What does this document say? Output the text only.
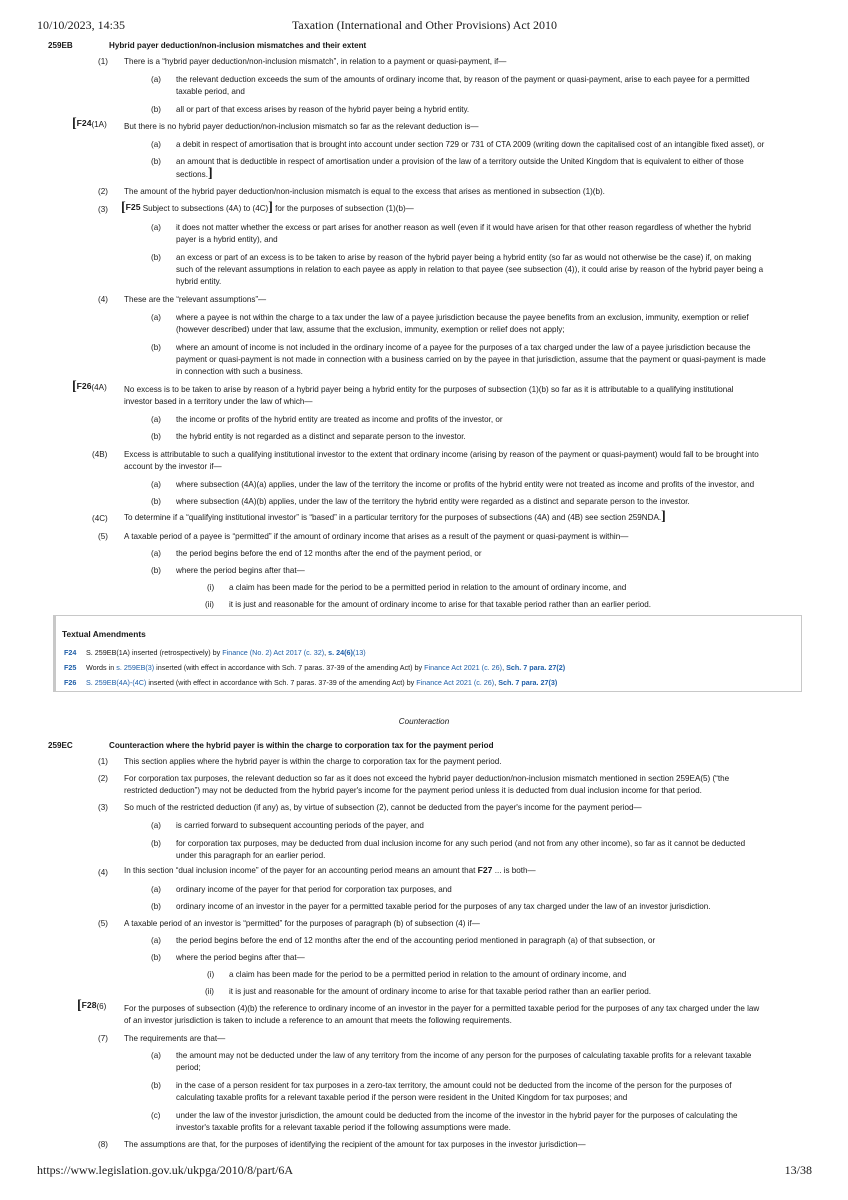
10/10/2023, 14:35	Taxation (International and Other Provisions) Act 2010
259EB	Hybrid payer deduction/non-inclusion mismatches and their extent
(1) There is a “hybrid payer deduction/non-inclusion mismatch”, in relation to a payment or quasi-payment, if—
(a) the relevant deduction exceeds the sum of the amounts of ordinary income that, by reason of the payment or quasi-payment, arise to each payee for a permitted
taxable period, and
(b) all or part of that excess arises by reason of the hybrid payer being a hybrid entity.
[F24(1A) But there is no hybrid payer deduction/non-inclusion mismatch so far as the relevant deduction is—
(a) a debit in respect of amortisation that is brought into account under section 729 or 731 of CTA 2009 (writing down the capitalised cost of an intangible fixed asset), or
(b) an amount that is deductible in respect of amortisation under a provision of the law of a territory outside the United Kingdom that is equivalent to either of those
sections.]
(2) The amount of the hybrid payer deduction/non-inclusion mismatch is equal to the excess that arises as mentioned in subsection (1)(b).
(3) [F25 Subject to subsections (4A) to (4C)] for the purposes of subsection (1)(b)—
(a) it does not matter whether the excess or part arises for another reason as well (even if it would have arisen for that other reason regardless of whether the hybrid
payer is a hybrid entity), and
(b) an excess or part of an excess is to be taken to arise by reason of the hybrid payer being a hybrid entity (so far as would not otherwise be the case) if, on making
such of the relevant assumptions in relation to each payee as apply in relation to that payee (see subsection (4)), it could arise by reason of the hybrid payer being a
hybrid entity.
(4) These are the “relevant assumptions”—
(a) where a payee is not within the charge to a tax under the law of a payee jurisdiction because the payee benefits from an exclusion, immunity, exemption or relief
(however described) under that law, assume that the exclusion, immunity, exemption or relief does not apply;
(b) where an amount of income is not included in the ordinary income of a payee for the purposes of a tax charged under the law of a payee jurisdiction because the
payment or quasi-payment is not made in connection with a business carried on by the payee in that jurisdiction, assume that the payment or quasi-payment is made
in connection with such a business.
[F26(4A) No excess is to be taken to arise by reason of a hybrid payer being a hybrid entity for the purposes of subsection (1)(b) so far as it is attributable to a qualifying institutional
investor based in a territory under the law of which—
(a) the income or profits of the hybrid entity are treated as income and profits of the investor, or
(b) the hybrid entity is not regarded as a distinct and separate person to the investor.
(4B) Excess is attributable to such a qualifying institutional investor to the extent that ordinary income (arising by reason of the payment or quasi-payment) would fall to be brought into
account by the investor if—
(a) where subsection (4A)(a) applies, under the law of the territory the income or profits of the hybrid entity were not treated as income and profits of the investor, and
(b) where subsection (4A)(b) applies, under the law of the territory the hybrid entity were regarded as a distinct and separate person to the investor.
(4C) To determine if a “qualifying institutional investor” is “based” in a particular territory for the purposes of subsections (4A) and (4B) see section 259NDA.]
(5) A taxable period of a payee is “permitted” if the amount of ordinary income that arises as a result of the payment or quasi-payment is within—
(a) the period begins before the end of 12 months after the end of the payment period, or
(b) where the period begins after that—
(i) a claim has been made for the period to be a permitted period in relation to the amount of ordinary income, and
(ii) it is just and reasonable for the amount of ordinary income to arise for that taxable period rather than an earlier period.
Textual Amendments
F24 S. 259EB(1A) inserted (retrospectively) by Finance (No. 2) Act 2017 (c. 32), s. 24(6)(13)
F25 Words in s. 259EB(3) inserted (with effect in accordance with Sch. 7 paras. 37-39 of the amending Act) by Finance Act 2021 (c. 26), Sch. 7 para. 27(2)
F26 S. 259EB(4A)-(4C) inserted (with effect in accordance with Sch. 7 paras. 37-39 of the amending Act) by Finance Act 2021 (c. 26), Sch. 7 para. 27(3)
Counteraction
259EC	Counteraction where the hybrid payer is within the charge to corporation tax for the payment period
(1) This section applies where the hybrid payer is within the charge to corporation tax for the payment period.
(2) For corporation tax purposes, the relevant deduction so far as it does not exceed the hybrid payer deduction/non-inclusion mismatch mentioned in section 259EA(5) (“the
restricted deduction”) may not be deducted from the hybrid payer's income for the payment period unless it is deducted from dual inclusion income for that period.
(3) So much of the restricted deduction (if any) as, by virtue of subsection (2), cannot be deducted from the payer's income for the payment period—
(a) is carried forward to subsequent accounting periods of the payer, and
(b) for corporation tax purposes, may be deducted from dual inclusion income for any such period (and not from any other income), so far as it cannot be deducted
under this paragraph for an earlier period.
(4) In this section “dual inclusion income” of the payer for an accounting period means an amount that F27 ... is both—
(a) ordinary income of the payer for that period for corporation tax purposes, and
(b) ordinary income of an investor in the payer for a permitted taxable period for the purposes of any tax charged under the law of an investor jurisdiction.
(5) A taxable period of an investor is “permitted” for the purposes of paragraph (b) of subsection (4) if—
(a) the period begins before the end of 12 months after the end of the accounting period mentioned in paragraph (a) of that subsection, or
(b) where the period begins after that—
(i) a claim has been made for the period to be a permitted period in relation to the amount of ordinary income, and
(ii) it is just and reasonable for the amount of ordinary income to arise for that taxable period rather than an earlier period.
[F28(6) For the purposes of subsection (4)(b) the reference to ordinary income of an investor in the payer for a permitted taxable period for the purposes of any tax charged under the law
of an investor jurisdiction is taken to include a reference to an amount that meets the following requirements.
(7) The requirements are that—
(a) the amount may not be deducted under the law of any territory from the income of any person for the purposes of calculating taxable profits for a relevant taxable
period;
(b) in the case of a person resident for tax purposes in a zero-tax territory, the amount could not be deducted from the income of the person for the purposes of
calculating taxable profits for a relevant taxable period if the person were resident in the United Kingdom for tax purposes; and
(c) under the law of the investor jurisdiction, the amount could be deducted from the income of the investor in the hybrid payer for the purposes of calculating the
investor's taxable profits for a relevant taxable period if the following assumptions were made.
(8) The assumptions are that, for the purposes of identifying the recipient of the amount for tax purposes in the investor jurisdiction—
https://www.legislation.gov.uk/ukpga/2010/8/part/6A	13/38
